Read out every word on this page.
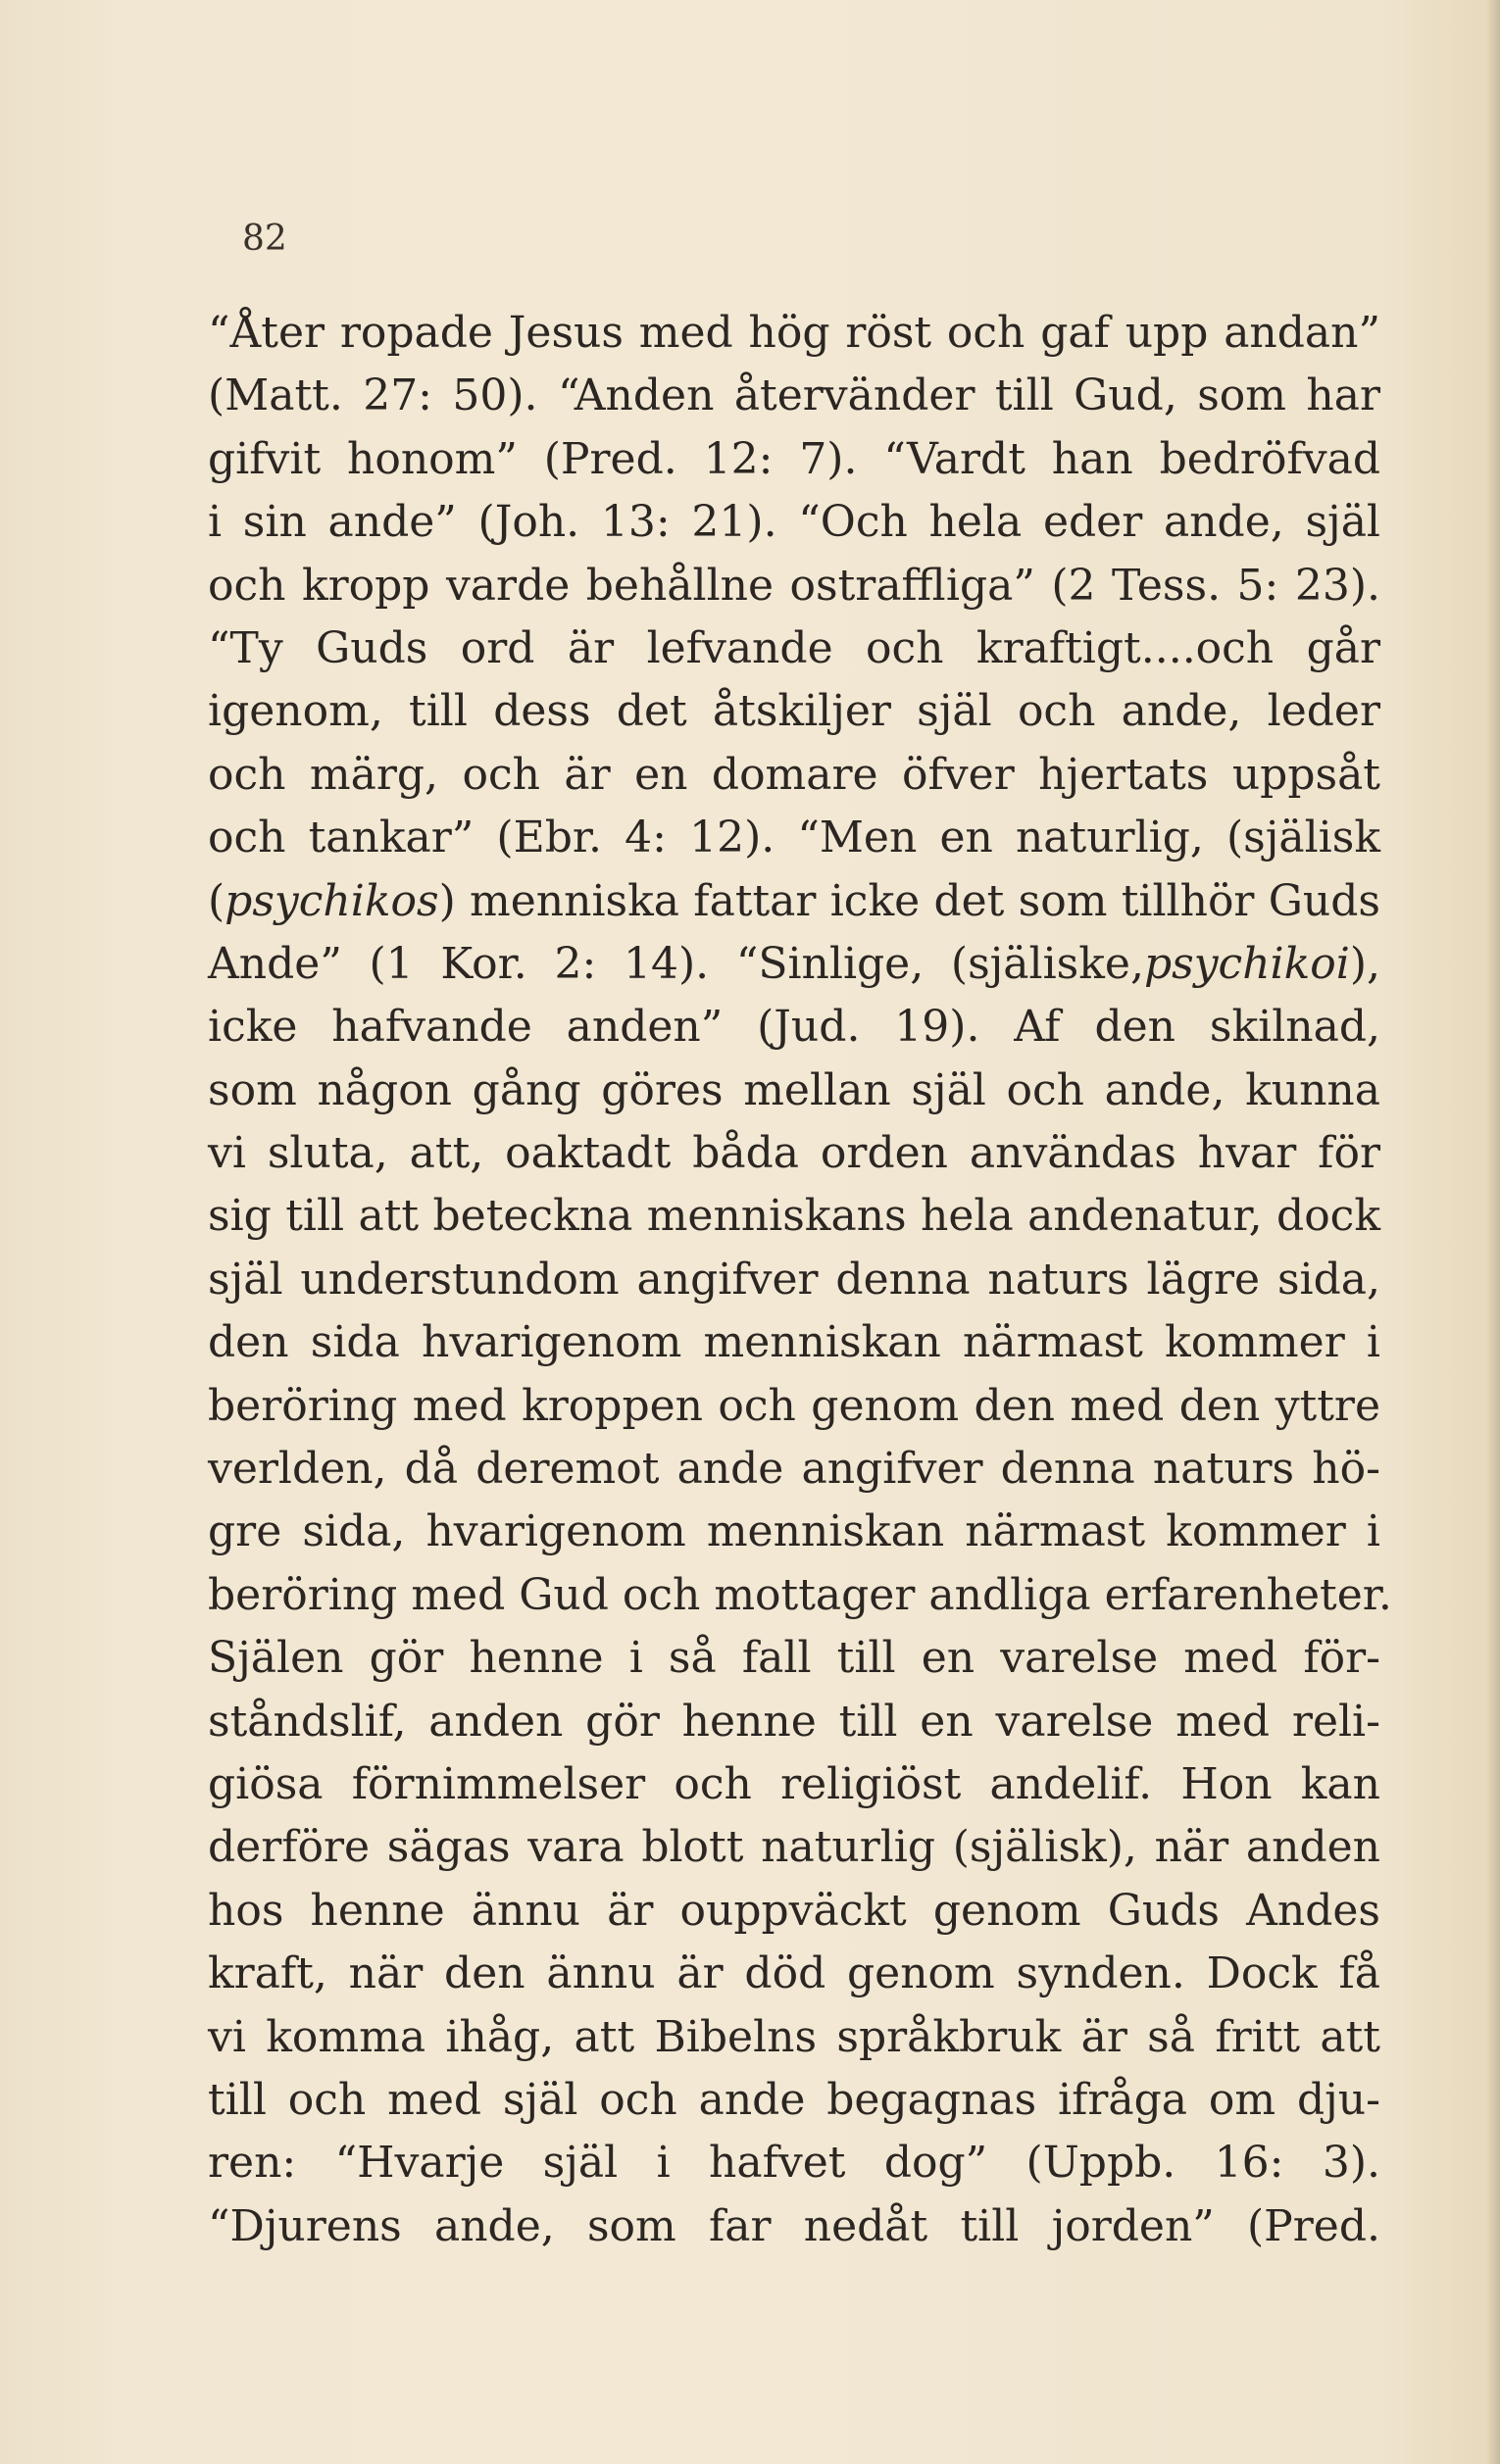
82
“Åter ropade Jesus med hög röst och gaf upp andan”
(Matt. 27: 50). “Anden återvänder till Gud, som har
gifvit honom” (Pred. 12: 7). “Vardt han bedröfvad
i sin ande” (Joh. 13: 21). “Och hela eder ande, själ
och kropp varde behållne ostraffliga” (2 Tess. 5: 23).
“Ty Guds ord är lefvande och kraftigt....och går
igenom, till dess det åtskiljer själ och ande, leder
och märg, och är en domare öfver hjertats uppsåt
och tankar” (Ebr. 4: 12). “Men en naturlig, (själisk
(psychikos) menniska fattar icke det som tillhör Guds
Ande” (1 Kor. 2: 14). “Sinlige, (själiske,psychikoi),
icke hafvande anden” (Jud. 19). Af den skilnad,
som någon gång göres mellan själ och ande, kunna
vi sluta, att, oaktadt båda orden användas hvar för
sig till att beteckna menniskans hela andenatur, dock
själ understundom angifver denna naturs lägre sida,
den sida hvarigenom menniskan närmast kommer i
beröring med kroppen och genom den med den yttre
verlden, då deremot ande angifver denna naturs hö-
gre sida, hvarigenom menniskan närmast kommer i
beröring med Gud och mottager andliga erfarenheter.
Själen gör henne i så fall till en varelse med för-
ståndslif, anden gör henne till en varelse med reli-
giösa förnimmelser och religiöst andelif. Hon kan
derföre sägas vara blott naturlig (själisk), när anden
hos henne ännu är ouppväckt genom Guds Andes
kraft, när den ännu är död genom synden. Dock få
vi komma ihåg, att Bibelns språkbruk är så fritt att
till och med själ och ande begagnas ifråga om dju-
ren: “Hvarje själ i hafvet dog” (Uppb. 16: 3).
“Djurens ande, som far nedåt till jorden” (Pred.
